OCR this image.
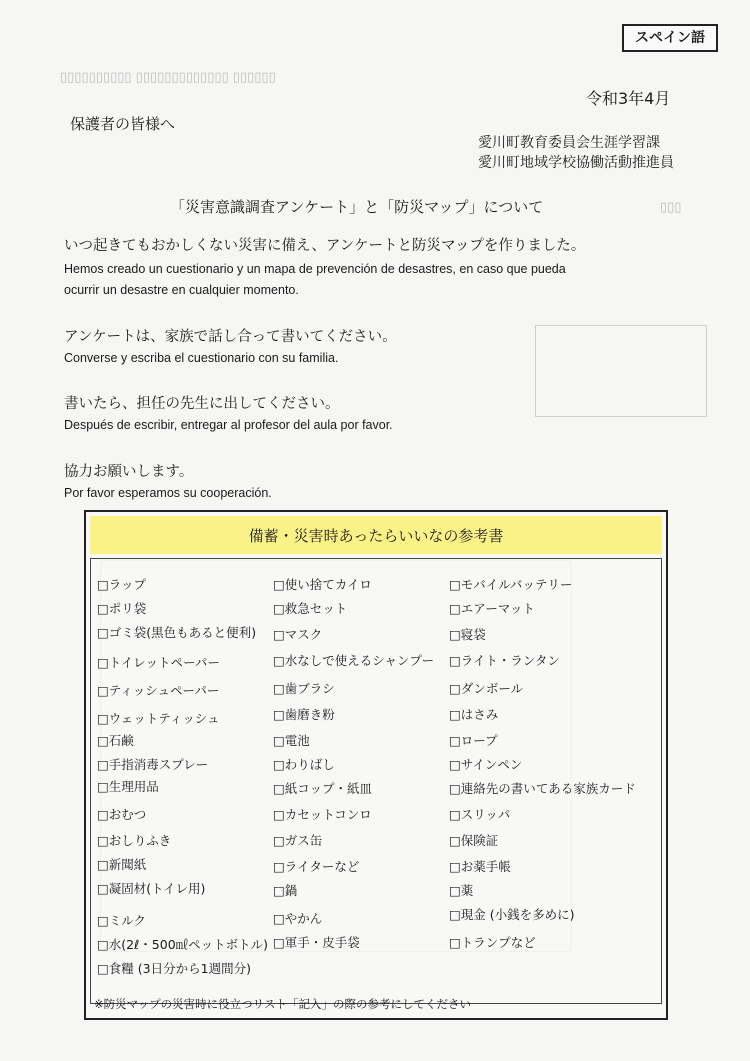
▯▯▯▯▯▯▯▯▯▯ ▯▯▯▯▯▯▯▯▯▯▯▯▯ ▯▯▯▯▯▯
▯▯▯
スペイン語
令和3年4月
保護者の皆様へ
愛川町教育委員会生涯学習課
愛川町地域学校協働活動推進員
「災害意識調査アンケート」と「防災マップ」について
いつ起きてもおかしくない災害に備え、アンケートと防災マップを作りました。
Hemos creado un cuestionario y un mapa de prevención de desastres, en caso que pueda
ocurrir un desastre en cualquier momento.
アンケートは、家族で話し合って書いてください。
Converse y escriba el cuestionario con su familia.
書いたら、担任の先生に出してください。
Después de escribir, entregar al profesor del aula por favor.
協力お願いします。
Por favor esperamos su cooperación.
備蓄・災害時あったらいいなの参考書
□ラップ
□ポリ袋
□ゴミ袋(黒色もあると便利)
□トイレットペーパー
□ティッシュペーパー
□ウェットティッシュ
□石鹸
□手指消毒スプレー
□生理用品
□おむつ
□おしりふき
□新聞紙
□凝固材(トイレ用)
□ミルク
□水(2ℓ・500㎖ペットボトル)
□食糧 (3日分から1週間分)
□使い捨てカイロ
□救急セット
□マスク
□水なしで使えるシャンプー
□歯ブラシ
□歯磨き粉
□電池
□わりばし
□紙コップ・紙皿
□カセットコンロ
□ガス缶
□ライターなど
□鍋
□やかん
□軍手・皮手袋
□モバイルバッテリー
□エアーマット
□寝袋
□ライト・ランタン
□ダンボール
□はさみ
□ロープ
□サインペン
□連絡先の書いてある家族カード
□スリッパ
□保険証
□お薬手帳
□薬
□現金 (小銭を多めに)
□トランプなど
※防災マップの災害時に役立つリスト「記入」の際の参考にしてください
